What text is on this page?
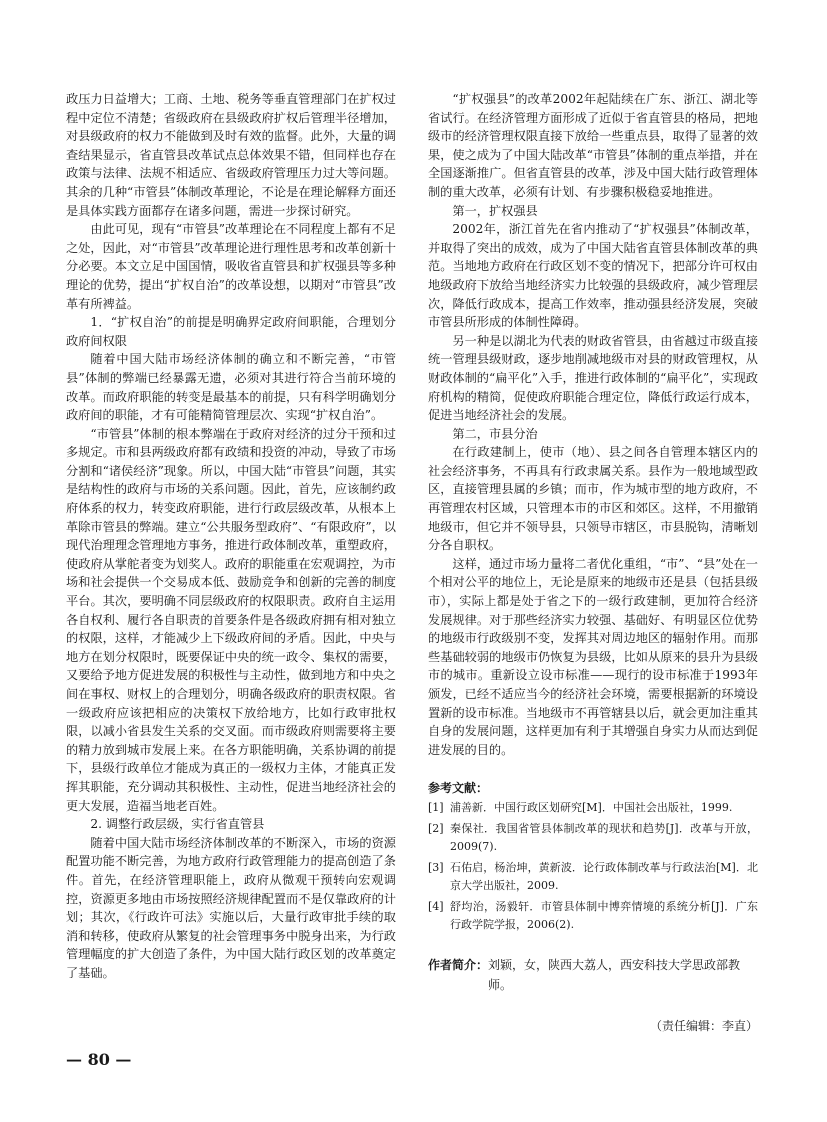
政压力日益增大；工商、土地、税务等垂直管理部门在扩权过程中定位不清楚；省级政府在县级政府扩权后管理半径增加，对县级政府的权力不能做到及时有效的监督。此外，大量的调查结果显示，省直管县改革试点总体效果不错，但同样也存在政策与法律、法规不相适应、省级政府管理压力过大等问题。其余的几种“市管县”体制改革理论，不论是在理论解释方面还是具体实践方面都存在诸多问题，需进一步探讨研究。

由此可见，现有“市管县”改革理论在不同程度上都有不足之处，因此，对“市管县”改革理论进行理性思考和改革创新十分必要。本文立足中国国情，吸收省直管县和扩权强县等多种理论的优势，提出“扩权自治”的改革设想，以期对“市管县”改革有所裨益。

1．“扩权自治”的前提是明确界定政府间职能，合理划分政府间权限

随着中国大陆市场经济体制的确立和不断完善，“市管县”体制的弊端已经暴露无遗，必须对其进行符合当前环境的改革。而政府职能的转变是最基本的前提，只有科学明确划分政府间的职能，才有可能精简管理层次、实现“扩权自治”。

“市管县”体制的根本弊端在于政府对经济的过分干预和过多规定。市和县两级政府都有政绩和投资的冲动，导致了市场分割和“诸侯经济”现象。所以，中国大陆“市管县”问题，其实是结构性的政府与市场的关系问题。因此，首先，应该制约政府体系的权力，转变政府职能，进行行政层级改革，从根本上革除市管县的弊端。建立“公共服务型政府”、“有限政府”，以现代治理理念管理地方事务，推进行政体制改革，重塑政府，使政府从掌舵者变为划奖人。政府的职能重在宏观调控，为市场和社会提供一个交易成本低、鼓励竞争和创新的完善的制度平台。其次，要明确不同层级政府的权限职责。政府自主运用各自权利、履行各自职责的首要条件是各级政府拥有相对独立的权限，这样，才能减少上下级政府间的矛盾。因此，中央与地方在划分权限时，既要保证中央的统一政令、集权的需要，又要给予地方促进发展的积极性与主动性，做到地方和中央之间在事权、财权上的合理划分，明确各级政府的职责权限。省一级政府应该把相应的决策权下放给地方，比如行政审批权限，以减小省县发生关系的交叉面。而市级政府则需要将主要的精力放到城市发展上来。在各方职能明确，关系协调的前提下，县级行政单位才能成为真正的一级权力主体，才能真正发挥其职能，充分调动其积极性、主动性，促进当地经济社会的更大发展，造福当地老百姓。

2. 调整行政层级，实行省直管县

随着中国大陆市场经济体制改革的不断深入，市场的资源配置功能不断完善，为地方政府行政管理能力的提高创造了条件。首先，在经济管理职能上，政府从微观干预转向宏观调控，资源更多地由市场按照经济规律配置而不是仅靠政府的计划；其次，《行政许可法》实施以后，大量行政审批手续的取消和转移，使政府从繁复的社会管理事务中脱身出来，为行政管理幅度的扩大创造了条件，为中国大陆行政区划的改革奠定了基础。

“扩权强县”的改革2002年起陆续在广东、浙江、湖北等省试行。在经济管理方面形成了近似于省直管县的格局，把地级市的经济管理权限直接下放给一些重点县，取得了显著的效果，使之成为了中国大陆改革“市管县”体制的重点举措，并在全国逐渐推广。但省直管县的改革，涉及中国大陆行政管理体制的重大改革，必须有计划、有步骤积极稳妥地推进。

第一，扩权强县

2002年，浙江首先在省内推动了“扩权强县”体制改革，并取得了突出的成效，成为了中国大陆省直管县体制改革的典范。当地地方政府在行政区划不变的情况下，把部分许可权由地级政府下放给当地经济实力比较强的县级政府，减少管理层次，降低行政成本，提高工作效率，推动强县经济发展，突破市管县所形成的体制性障碍。

另一种是以湖北为代表的财政省管县，由省越过市级直接统一管理县级财政，逐步地削减地级市对县的财政管理权，从财政体制的“扁平化”入手，推进行政体制的“扁平化”，实现政府机构的精简，促使政府职能合理定位，降低行政运行成本，促进当地经济社会的发展。

第二，市县分治

在行政建制上，使市（地）、县之间各自管理本辖区内的社会经济事务，不再具有行政隶属关系。县作为一般地域型政区，直接管理县属的乡镇；而市，作为城市型的地方政府，不再管理农村区域，只管理本市的市区和郊区。这样，不用撤销地级市，但它并不领导县，只领导市辖区，市县脱钩，清晰划分各自职权。

这样，通过市场力量将二者优化重组，“市”、“县”处在一个相对公平的地位上，无论是原来的地级市还是县（包括县级市），实际上都是处于省之下的一级行政建制，更加符合经济发展规律。对于那些经济实力较强、基础好、有明显区位优势的地级市行政级别不变，发挥其对周边地区的辐射作用。而那些基础较弱的地级市仍恢复为县级，比如从原来的县升为县级市的城市。重新设立设市标准——现行的设市标准于1993年颁发，已经不适应当今的经济社会环境，需要根据新的环境设置新的设市标准。当地级市不再管辖县以后，就会更加注重其自身的发展问题，这样更加有利于其增强自身实力从而达到促进发展的目的。

参考文献：
[1] 浦善新．中国行政区划研究[M]．中国社会出版社，1999.
[2] 秦保社．我国省管县体制改革的现状和趋势[J]．改革与开放，2009(7).
[3] 石佑启，杨治坤，黄新波．论行政体制改革与行政法治[M]．北京大学出版社，2009.
[4] 舒均治，汤毅轩．市管县体制中博弈情境的系统分析[J]．广东行政学院学报，2006(2).
作者简介： 刘颖，女，陕西大荔人，西安科技大学思政部教师。
（责任编辑：李直）
— 80 —
